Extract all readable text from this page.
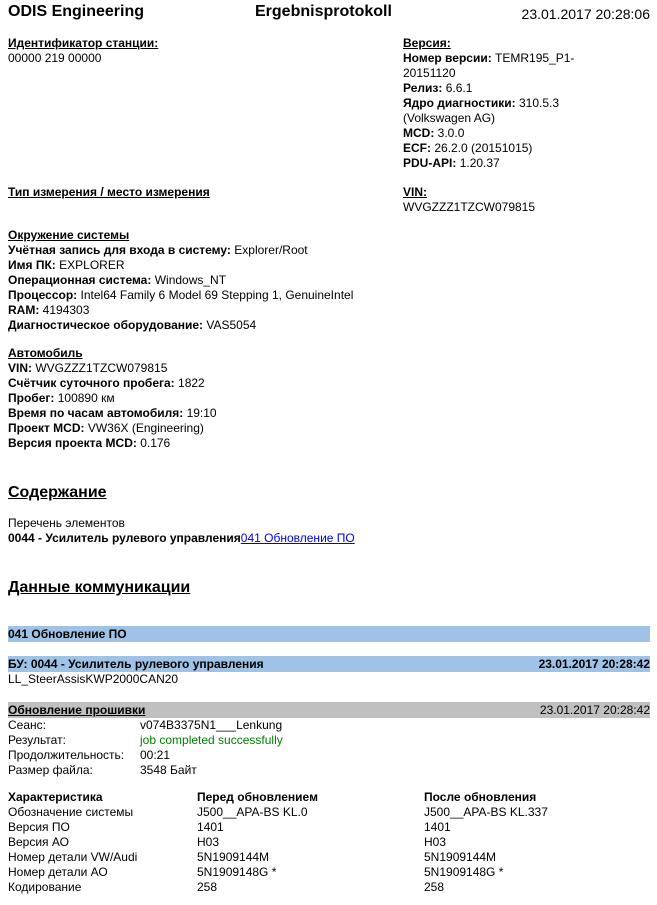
ODIS Engineering	Ergebnisprotokoll	23.01.2017 20:28:06
Идентификатор станции:
00000 219 00000
Версия:
Номер версии: TEMR195_P1-
20151120
Релиз: 6.6.1
Ядро диагностики: 310.5.3
(Volkswagen AG)
MCD: 3.0.0
ECF: 26.2.0 (20151015)
PDU-API: 1.20.37
Тип измерения / место измерения	VIN:
WVGZZZ1TZCW079815
Окружение системы
Учётная запись для входа в систему: Explorer/Root
Имя ПК: EXPLORER
Операционная система: Windows_NT
Процессор: Intel64 Family 6 Model 69 Stepping 1, GenuineIntel
RAM: 4194303
Диагностическое оборудование: VAS5054
Автомобиль
VIN: WVGZZZ1TZCW079815
Счётчик суточного пробега: 1822
Пробег: 100890 км
Время по часам автомобиля: 19:10
Проект MCD: VW36X (Engineering)
Версия проекта MCD: 0.176
Содержание
Перечень элементов
0044 - Усилитель рулевого управления041 Обновление ПО
Данные коммуникации
041 Обновление ПО
БУ: 0044 - Усилитель рулевого управления	23.01.2017 20:28:42
LL_SteerAssisKWP2000CAN20
Обновление прошивки	23.01.2017 20:28:42
Сеанс:	v074B3375N1___Lenkung
Результат:	job completed successfully
Продолжительность: 00:21
Размер файла:	3548 Байт
Характеристика	Перед обновлением	После обновления
Обозначение системы	J500__APA-BS KL.0	J500__APA-BS KL.337
Версия ПО	1401	1401
Версия АО	H03	H03
Номер детали VW/Audi	5N1909144M	5N1909144M
Номер детали АО	5N1909148G *	5N1909148G *
Кодирование	258	258
